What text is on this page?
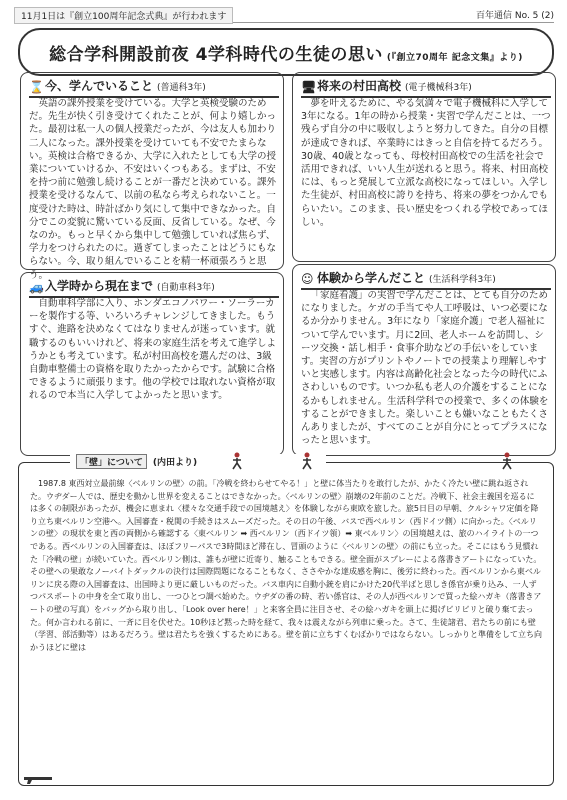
11月1日は『創立100周年記念式典』が行われます	百年通信 No. 5 (2)
総合学科開設前夜 4学科時代の生徒の思い (『創立70周年 記念文集』より)
⌛今、学んでいること (普通科3年)
英語の課外授業を受けている。大学と英検受験のためだ。先生が快く引き受けてくれたことが、何より嬉しかった。最初は私一人の個人授業だったが、今は友人も加わり二人になった。課外授業を受けていても不安でたまらない。英検は合格できるか、大学に入れたとしても大学の授業についていけるか、不安はいくつもある。まずは、不安を持つ前に勉強し続けることが一番だと決めている。課外授業を受けるなんて、以前の私なら考えられないこと。一度受けた時は、時計ばかり気にして集中できなかった。自分でこの変貌に驚いている反面、反省している。なぜ、今なのか。もっと早くから集中して勉強していれば焦らず、学力をつけられたのに。過ぎてしまったことはどうにもならない。今、取り組んでいることを精一杯頑張ろうと思う。
🚙入学時から現在まで (自動車科3年)
自動車科学部に入り、ホンダエコノパワー・ソーラーカーを製作する等、いろいろチャレンジしてきました。もうすぐ、進路を決めなくてはなりませんが迷っています。就職するのもいいけれど、将来の家庭生活を考えて進学しようかとも考えています。私が村田高校を選んだのは、3級自動車整備士の資格を取りたかったからです。試験に合格できるように頑張ります。他の学校では取れない資格が取れるので本当に入学してよかったと思います。
🖥将来の村田高校 (電子機械科3年)
夢を叶えるために、やる気満々で電子機械科に入学して3年になる。1年の時から授業・実習で学んだことは、一つ残らず自分の中に吸収しようと努力してきた。自分の目標が達成できれば、卒業時にはきっと自信を持てるだろう。30歳、40歳となっても、母校村田高校での生活を社会で活用できれば、いい人生が送れると思う。将来、村田高校には、もっと発展して立派な高校になってほしい。入学した生徒が、村田高校に誇りを持ち、将来の夢をつかんでもらいたい。このまま、長い歴史をつくれる学校であってほしい。
☺ 体験から学んだこと (生活科学科3年)
「家庭看護」の実習で学んだことは、とても自分のためになりました。ケガの手当てや人工呼吸は、いつ必要になるか分かりません。3年になり「家庭介護」で老人福祉について学んでいます。月に2回、老人ホームを訪問し、シーツ交換・話し相手・食事介助などの手伝いをしています。実習の方がプリントやノートでの授業より理解しやすいと実感します。内容は高齢化社会となった今の時代にふさわしいものです。いつか私も老人の介護をすることになるかもしれません。生活科学科での授業で、多くの体験をすることができました。楽しいことも嫌いなこともたくさんありましたが、すべてのことが自分にとってプラスになったと思います。
「壁」について (内田より)
1987.8 東西対立最前線〈ベルリンの壁〉の前。「冷戦を終わらせてやる！」と壁に体当たりを敢行したが、かたく冷たい壁に跳ね返された。ウヂダー人では、歴史を動かし世界を変えることはできなかった。〈ベルリンの壁〉崩壊の2年前のことだ。冷戦下、社会主義国を巡るには多くの制限があったが、機会に恵まれ〈様々な交通手段での国境越え〉を体験しながら東欧を旅した。旅5日目の早朝、クルシャワ定価を降り立ち東ベルリン空港へ。入国審査・税関の手続きはスムーズだった。その日の午後、バスで西ベルリン（西ドイツ側）に向かった。〈ベルリンの壁〉の現状を東と西の両側から確認する〈東ベルリン ➡ 西ベルリン（西ドイツ領）➡ 東ベルリン〉の国境越えは、旅のハイライトの一つである。西ベルリンの入国審査は、ほぼフリーパスで3時間ほど滞在し、冒頭のように〈ベルリンの壁〉の前にも立った。そこにはもう見慣れた「冷戦の壁」が続いていた。西ベルリン側は、誰もが壁に近寄り、触ることもできる。壁全面がスプレーによる落書きアートになっていた。その壁への果敢なノーバイトダックルの決行は国際問題になることもなく、ささやかな達成感を胸に、後労に終わった。西ベルリンから東ベルリンに戻る際の入国審査は、出国時より更に厳しいものだった。バス車内に自動小銃を肩にかけた20代半ばと思しき係官が乗り込み、一人ずつパスポートの中身を全て取り出し、一つひとつ調べ始めた。ウヂダの番の時、若い係官は、その人が西ベルリンで買った絵ハガキ（落書きアートの壁の写真）をバッグから取り出し、「Look over here！」と来客全員に注目させ、その絵ハガキを頭上に掲げビリビリと破り棄て去った。何か言われる前に、一斉に目を伏せた。10秒ほど黙った時を経て、我々は震えながら列車に乗った。さて、生徒諸君、君たちの前にも壁（学習、部活動等）はあるだろう。壁は君たちを強くするためにある。壁を前に立ちすくむばかりではならない。しっかりと準備をして立ち向かうほどに壁は
